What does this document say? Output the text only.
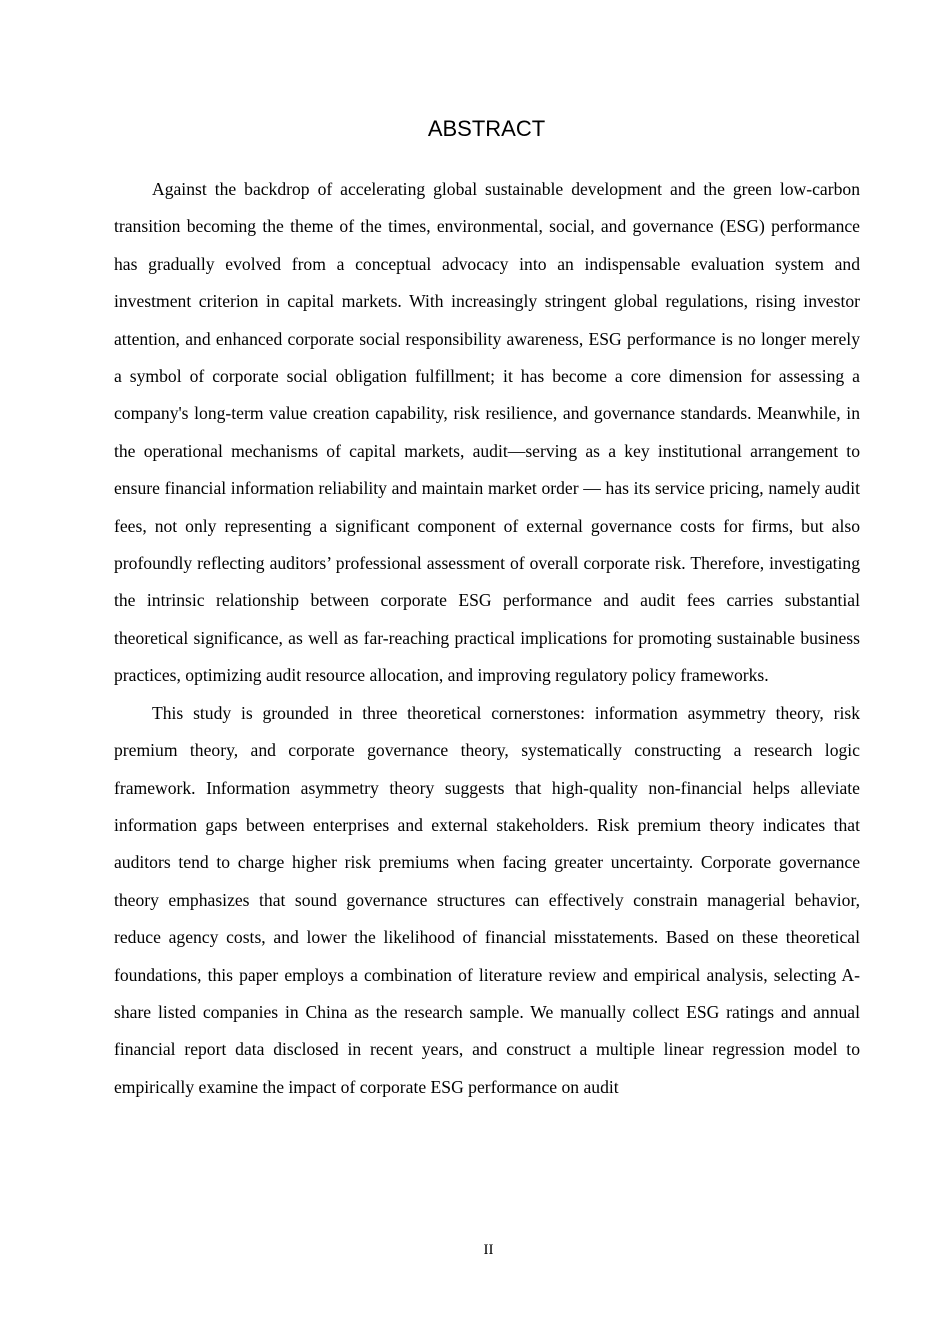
ABSTRACT

Against the backdrop of accelerating global sustainable development and the green low-carbon transition becoming the theme of the times, environmental, social, and governance (ESG) performance has gradually evolved from a conceptual advocacy into an indispensable evaluation system and investment criterion in capital markets. With increasingly stringent global regulations, rising investor attention, and enhanced corporate social responsibility awareness, ESG performance is no longer merely a symbol of corporate social obligation fulfillment; it has become a core dimension for assessing a company's long-term value creation capability, risk resilience, and governance standards. Meanwhile, in the operational mechanisms of capital markets, audit—serving as a key institutional arrangement to ensure financial information reliability and maintain market order — has its service pricing, namely audit fees, not only representing a significant component of external governance costs for firms, but also profoundly reflecting auditors’ professional assessment of overall corporate risk. Therefore, investigating the intrinsic relationship between corporate ESG performance and audit fees carries substantial theoretical significance, as well as far-reaching practical implications for promoting sustainable business practices, optimizing audit resource allocation, and improving regulatory policy frameworks.

This study is grounded in three theoretical cornerstones: information asymmetry theory, risk premium theory, and corporate governance theory, systematically constructing a research logic framework. Information asymmetry theory suggests that high-quality non-financial helps alleviate information gaps between enterprises and external stakeholders. Risk premium theory indicates that auditors tend to charge higher risk premiums when facing greater uncertainty. Corporate governance theory emphasizes that sound governance structures can effectively constrain managerial behavior, reduce agency costs, and lower the likelihood of financial misstatements. Based on these theoretical foundations, this paper employs a combination of literature review and empirical analysis, selecting A-share listed companies in China as the research sample. We manually collect ESG ratings and annual financial report data disclosed in recent years, and construct a multiple linear regression model to empirically examine the impact of corporate ESG performance on audit

II
